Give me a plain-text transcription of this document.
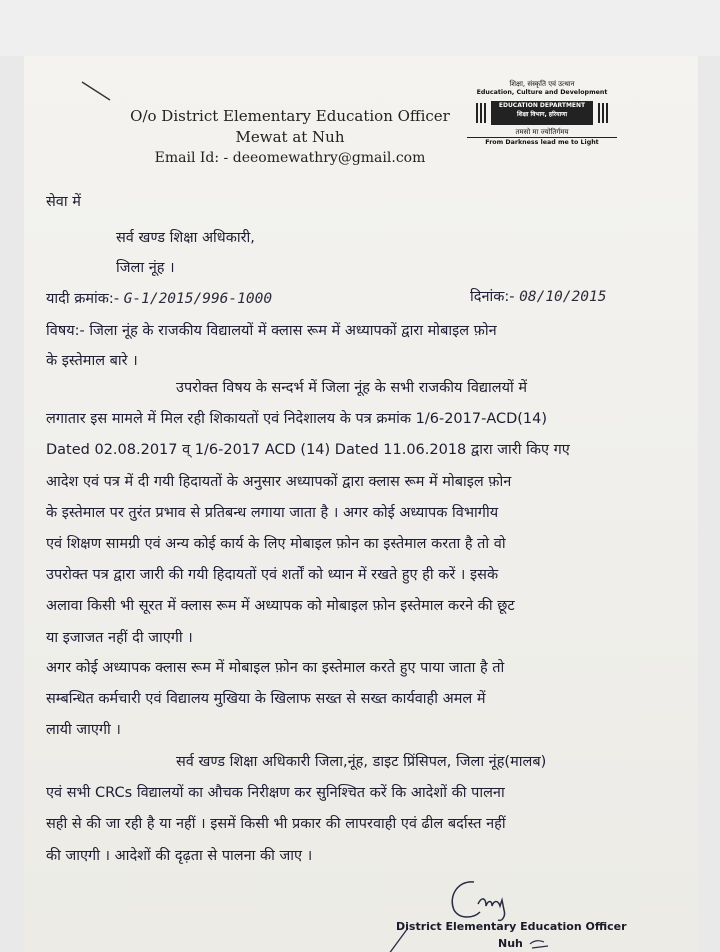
O/o District Elementary Education Officer
Mewat at Nuh
Email Id: - deeomewathry@gmail.com
शिक्षा, संस्कृति एवं उत्थान
Education, Culture and Development
EDUCATION DEPARTMENT
शिक्षा विभाग, हरियाणा
तमसो मा ज्योतिर्गमय
From Darkness lead me to Light
सेवा में
सर्व खण्ड शिक्षा अधिकारी,
जिला नूंह ।
यादी क्रमांक:- G-1/2015/996-1000	दिनांक:- 08/10/2015
विषय:- जिला नूंह के राजकीय विद्यालयों में क्लास रूम में अध्यापकों द्वारा मोबाइल फ़ोन
के इस्तेमाल बारे ।
उपरोक्त विषय के सन्दर्भ में जिला नूंह के सभी राजकीय विद्यालयों में
लगातार इस मामले में मिल रही शिकायतों एवं निदेशालय के पत्र क्रमांक 1/6-2017-ACD(14)
Dated 02.08.2017 व् 1/6-2017 ACD (14) Dated 11.06.2018 द्वारा जारी किए गए
आदेश एवं पत्र में दी गयी हिदायतों के अनुसार अध्यापकों द्वारा क्लास रूम में मोबाइल फ़ोन
के इस्तेमाल पर तुरंत प्रभाव से प्रतिबन्ध लगाया जाता है । अगर कोई अध्यापक विभागीय
एवं शिक्षण सामग्री एवं अन्य कोई कार्य के लिए मोबाइल फ़ोन का इस्तेमाल करता है तो वो
उपरोक्त पत्र द्वारा जारी की गयी हिदायतों एवं शर्तों को ध्यान में रखते हुए ही करें । इसके
अलावा किसी भी सूरत में क्लास रूम में अध्यापक को मोबाइल फ़ोन इस्तेमाल करने की छूट
या इजाजत नहीं दी जाएगी ।
अगर कोई अध्यापक क्लास रूम में मोबाइल फ़ोन का इस्तेमाल करते हुए पाया जाता है तो
सम्बन्धित कर्मचारी एवं विद्यालय मुखिया के खिलाफ सख्त से सख्त कार्यवाही अमल में
लायी जाएगी ।
सर्व खण्ड शिक्षा अधिकारी जिला,नूंह, डाइट प्रिंसिपल, जिला नूंह(मालब)
एवं सभी CRCs विद्यालयों का औचक निरीक्षण कर सुनिश्चित करें कि आदेशों की पालना
सही से की जा रही है या नहीं । इसमें किसी भी प्रकार की लापरवाही एवं ढील बर्दास्त नहीं
की जाएगी । आदेशों की दृढ़ता से पालना की जाए ।
District Elementary Education Officer
Nuh
